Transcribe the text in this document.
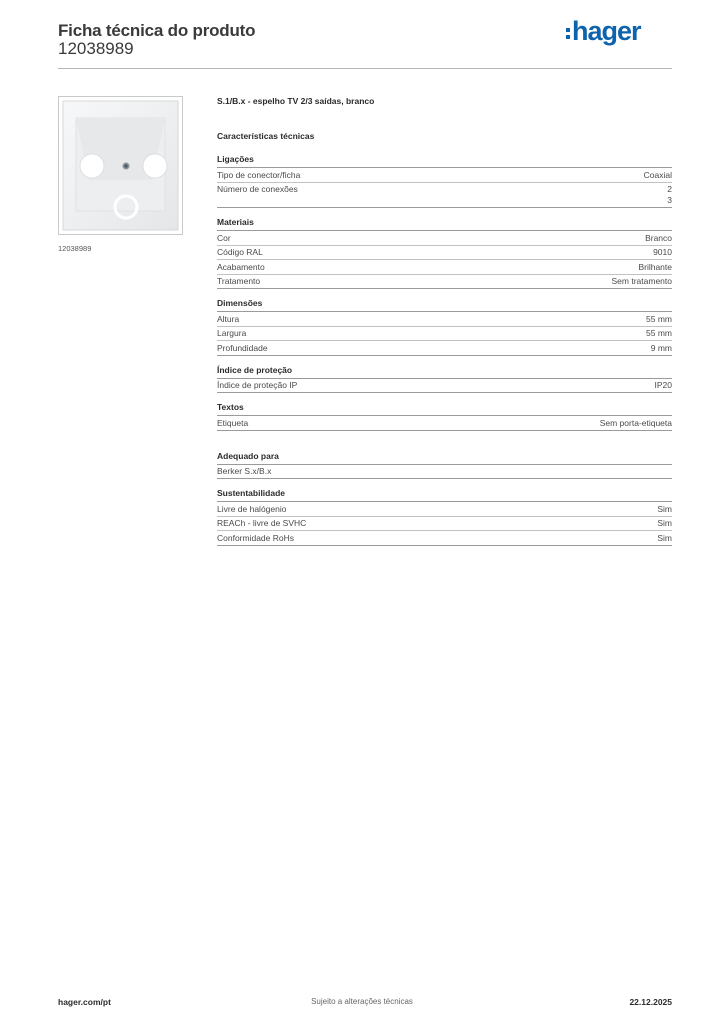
Ficha técnica do produto
12038989
hager
12038989
S.1/B.x - espelho TV 2/3 saídas, branco
Características técnicas
Ligações
Tipo de conector/ficha	Coaxial
Número de conexões	2
3
Materiais
Cor	Branco
Código RAL	9010
Acabamento	Brilhante
Tratamento	Sem tratamento
Dimensões
Altura	55 mm
Largura	55 mm
Profundidade	9 mm
Índice de proteção
Índice de proteção IP	IP20
Textos
Etiqueta	Sem porta-etiqueta
Adequado para
Berker S.x/B.x
Sustentabilidade
Livre de halógenio	Sim
REACh - livre de SVHC	Sim
Conformidade RoHs	Sim
hager.com/pt	Sujeito a alterações técnicas	22.12.2025
